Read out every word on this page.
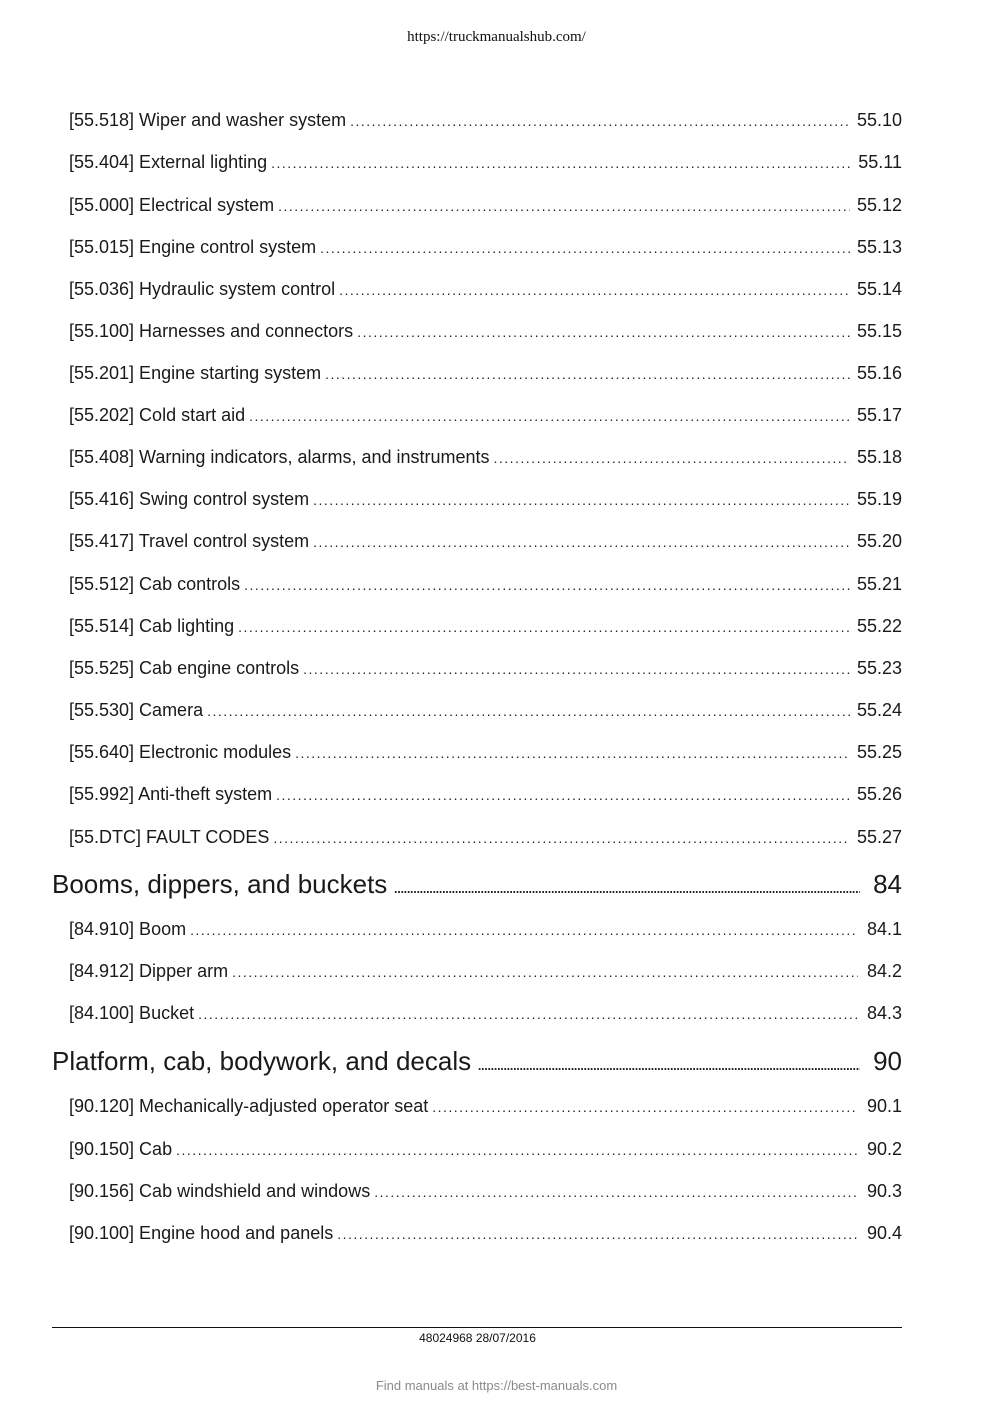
https://truckmanualshub.com/
[55.518] Wiper and washer system . . .	55.10
[55.404] External lighting . . .	55.11
[55.000] Electrical system . . .	55.12
[55.015] Engine control system . . .	55.13
[55.036] Hydraulic system control . . .	55.14
[55.100] Harnesses and connectors . . .	55.15
[55.201] Engine starting system . . .	55.16
[55.202] Cold start aid . . .	55.17
[55.408] Warning indicators, alarms, and instruments . . .	55.18
[55.416] Swing control system . . .	55.19
[55.417] Travel control system . . .	55.20
[55.512] Cab controls . . .	55.21
[55.514] Cab lighting . . .	55.22
[55.525] Cab engine controls . . .	55.23
[55.530] Camera . . .	55.24
[55.640] Electronic modules . . .	55.25
[55.992] Anti-theft system . . .	55.26
[55.DTC] FAULT CODES . . .	55.27
Booms, dippers, and buckets . . .	84
[84.910] Boom . . .	84.1
[84.912] Dipper arm . . .	84.2
[84.100] Bucket . . .	84.3
Platform, cab, bodywork, and decals . . .	90
[90.120] Mechanically-adjusted operator seat . . .	90.1
[90.150] Cab . . .	90.2
[90.156] Cab windshield and windows . . .	90.3
[90.100] Engine hood and panels . . .	90.4
48024968 28/07/2016
Find manuals at https://best-manuals.com
